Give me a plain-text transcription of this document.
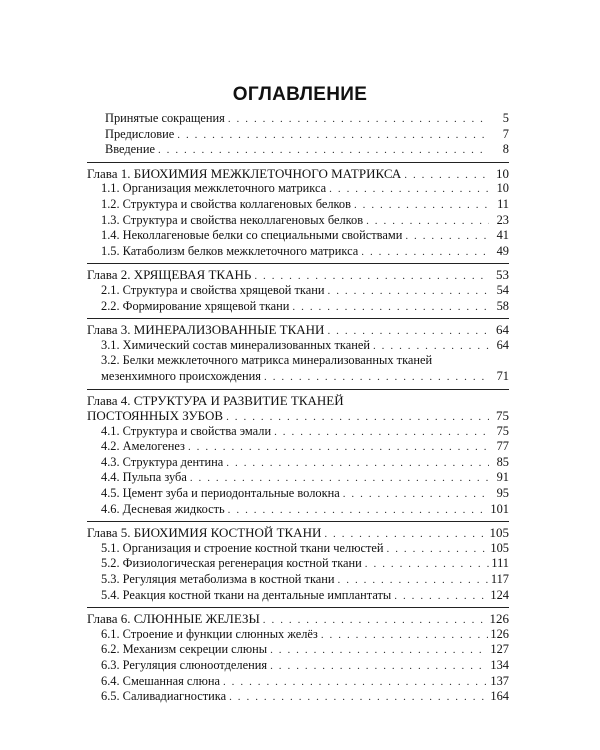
ОГЛАВЛЕНИЕ
Принятые сокращения . . .	5
Предисловие . . .	7
Введение . . .	8
Глава 1. БИОХИМИЯ МЕЖКЛЕТОЧНОГО МАТРИКСА . . .	10
1.1. Организация межклеточного матрикса . . .	10
1.2. Структура и свойства коллагеновых белков . . .	11
1.3. Структура и свойства неколлагеновых белков . . .	23
1.4. Неколлагеновые белки со специальными свойствами . . .	41
1.5. Катаболизм белков межклеточного матрикса . . .	49
Глава 2. ХРЯЩЕВАЯ ТКАНЬ . . .	53
2.1. Структура и свойства хрящевой ткани . . .	54
2.2. Формирование хрящевой ткани . . .	58
Глава 3. МИНЕРАЛИЗОВАННЫЕ ТКАНИ . . .	64
3.1. Химический состав минерализованных тканей . . .	64
3.2. Белки межклеточного матрикса минерализованных тканей
мезенхимного происхождения . . .	71
Глава 4. СТРУКТУРА И РАЗВИТИЕ ТКАНЕЙ
ПОСТОЯННЫХ ЗУБОВ . . .	75
4.1. Структура и свойства эмали . . .	75
4.2. Амелогенез . . .	77
4.3. Структура дентина . . .	85
4.4. Пульпа зуба . . .	91
4.5. Цемент зуба и периодонтальные волокна . . .	95
4.6. Десневая жидкость . . .	101
Глава 5. БИОХИМИЯ КОСТНОЙ ТКАНИ . . .	105
5.1. Организация и строение костной ткани челюстей . . .	105
5.2. Физиологическая регенерация костной ткани . . .	111
5.3. Регуляция метаболизма в костной ткани . . .	117
5.4. Реакция костной ткани на дентальные имплантаты . . .	124
Глава 6. СЛЮННЫЕ ЖЕЛЕЗЫ . . .	126
6.1. Строение и функции слюнных желёз . . .	126
6.2. Механизм секреции слюны . . .	127
6.3. Регуляция слюноотделения . . .	134
6.4. Смешанная слюна . . .	137
6.5. Саливадиагностика . . .	164
